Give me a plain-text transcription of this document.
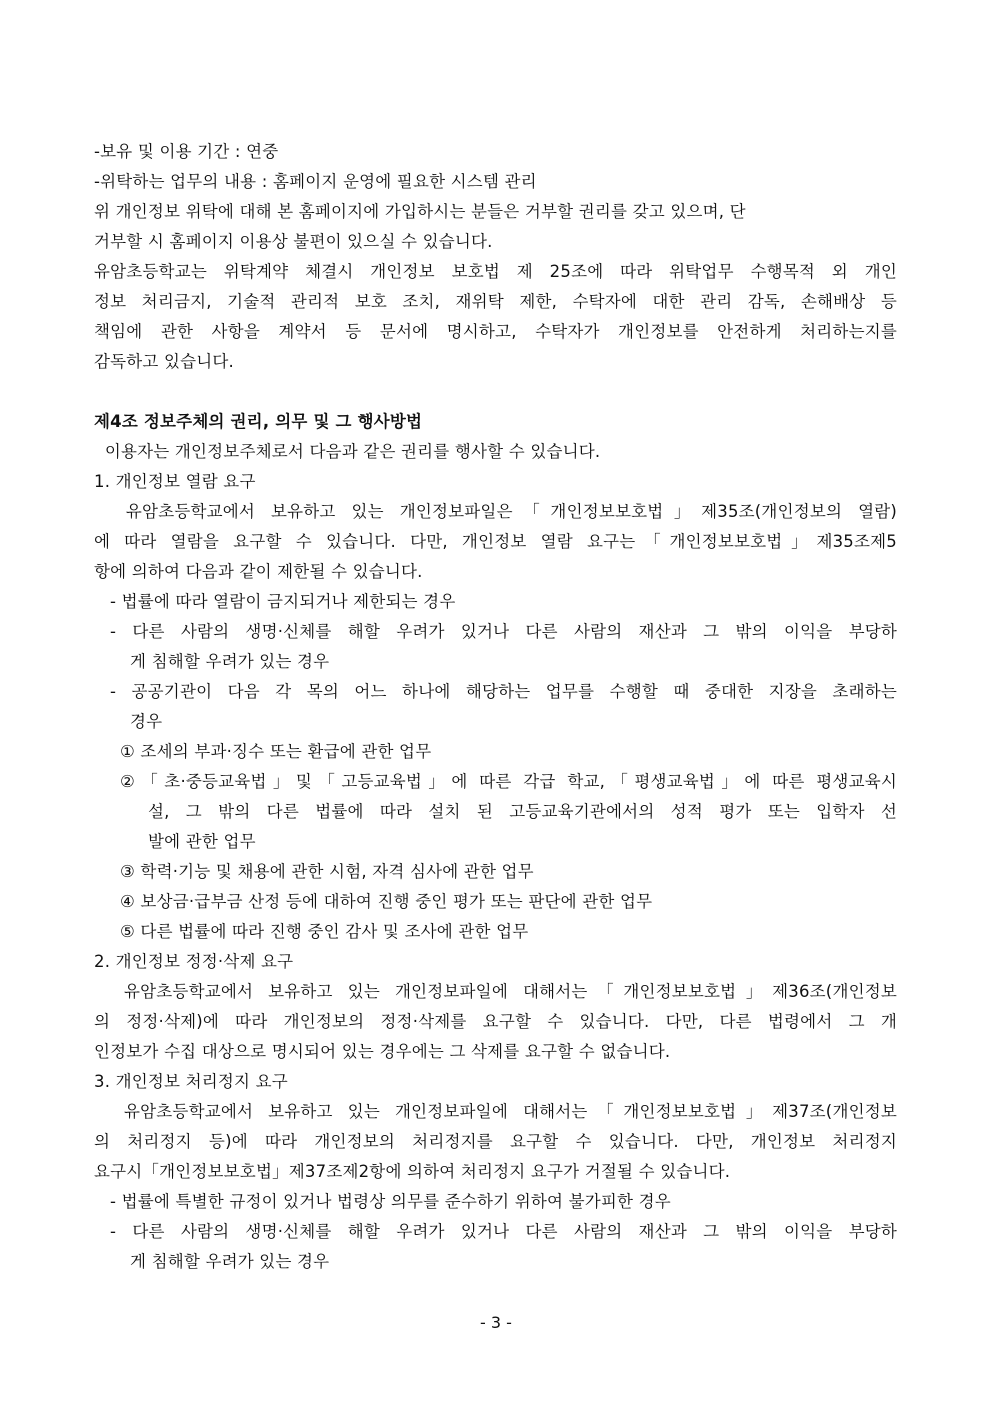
-보유 및 이용 기간 : 연중
-위탁하는 업무의 내용 : 홈페이지 운영에 필요한 시스템 관리
위 개인정보 위탁에 대해 본 홈페이지에 가입하시는 분들은 거부할 권리를 갖고 있으며, 단
거부할 시 홈페이지 이용상 불편이 있으실 수 있습니다.
유암초등학교는 위탁계약 체결시 개인정보 보호법 제 25조에 따라 위탁업무 수행목적 외 개인
정보 처리금지, 기술적 관리적 보호 조치, 재위탁 제한, 수탁자에 대한 관리 감독, 손해배상 등
책임에 관한 사항을 계약서 등 문서에 명시하고, 수탁자가 개인정보를 안전하게 처리하는지를
감독하고 있습니다.
제4조 정보주체의 권리, 의무 및 그 행사방법
이용자는 개인정보주체로서 다음과 같은 권리를 행사할 수 있습니다.
1. 개인정보 열람 요구
유암초등학교에서 보유하고 있는 개인정보파일은「개인정보보호법」제35조(개인정보의 열람)
에 따라 열람을 요구할 수 있습니다. 다만, 개인정보 열람 요구는「개인정보보호법」제35조제5
항에 의하여 다음과 같이 제한될 수 있습니다.
- 법률에 따라 열람이 금지되거나 제한되는 경우
- 다른 사람의 생명·신체를 해할 우려가 있거나 다른 사람의 재산과 그 밖의 이익을 부당하
게 침해할 우려가 있는 경우
- 공공기관이 다음 각 목의 어느 하나에 해당하는 업무를 수행할 때 중대한 지장을 초래하는
경우
① 조세의 부과·징수 또는 환급에 관한 업무
②「초·중등교육법」및「고등교육법」에 따른 각급 학교,「평생교육법」에 따른 평생교육시
설, 그 밖의 다른 법률에 따라 설치 된 고등교육기관에서의 성적 평가 또는 입학자 선
발에 관한 업무
③ 학력·기능 및 채용에 관한 시험, 자격 심사에 관한 업무
④ 보상금·급부금 산정 등에 대하여 진행 중인 평가 또는 판단에 관한 업무
⑤ 다른 법률에 따라 진행 중인 감사 및 조사에 관한 업무
2. 개인정보 정정·삭제 요구
유암초등학교에서 보유하고 있는 개인정보파일에 대해서는「개인정보보호법」제36조(개인정보
의 정정·삭제)에 따라 개인정보의 정정·삭제를 요구할 수 있습니다. 다만, 다른 법령에서 그 개
인정보가 수집 대상으로 명시되어 있는 경우에는 그 삭제를 요구할 수 없습니다.
3. 개인정보 처리정지 요구
유암초등학교에서 보유하고 있는 개인정보파일에 대해서는「개인정보보호법」제37조(개인정보
의 처리정지 등)에 따라 개인정보의 처리정지를 요구할 수 있습니다. 다만, 개인정보 처리정지
요구시「개인정보보호법」제37조제2항에 의하여 처리정지 요구가 거절될 수 있습니다.
- 법률에 특별한 규정이 있거나 법령상 의무를 준수하기 위하여 불가피한 경우
- 다른 사람의 생명·신체를 해할 우려가 있거나 다른 사람의 재산과 그 밖의 이익을 부당하
게 침해할 우려가 있는 경우
- 3 -
